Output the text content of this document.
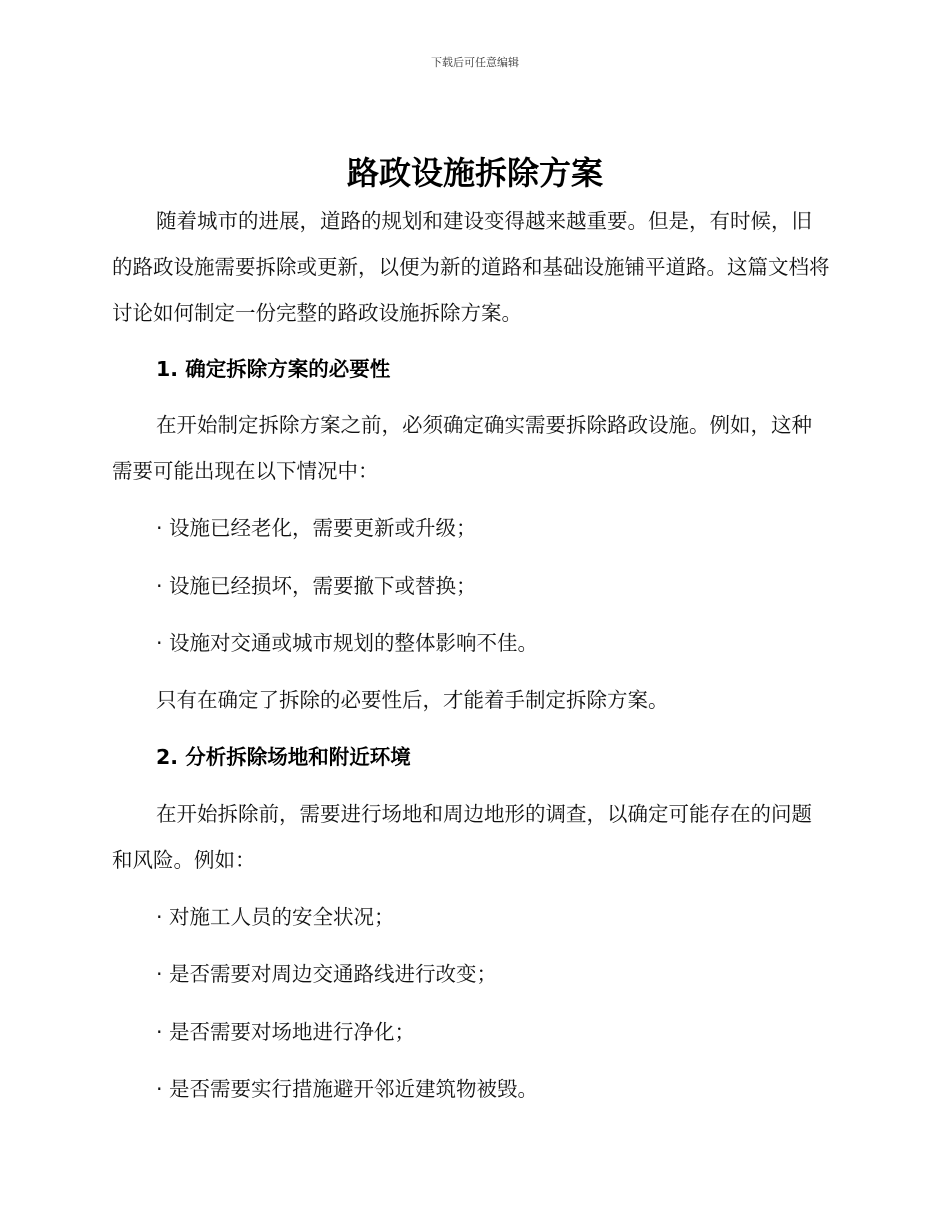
下载后可任意编辑
路政设施拆除方案

随着城市的进展，道路的规划和建设变得越来越重要。但是，有时候，旧的路政设施需要拆除或更新，以便为新的道路和基础设施铺平道路。这篇文档将讨论如何制定一份完整的路政设施拆除方案。

1. 确定拆除方案的必要性

在开始制定拆除方案之前，必须确定确实需要拆除路政设施。例如，这种需要可能出现在以下情况中：

· 设施已经老化，需要更新或升级；
· 设施已经损坏，需要撤下或替换；
· 设施对交通或城市规划的整体影响不佳。
只有在确定了拆除的必要性后，才能着手制定拆除方案。
2. 分析拆除场地和附近环境

在开始拆除前，需要进行场地和周边地形的调查，以确定可能存在的问题和风险。例如：

· 对施工人员的安全状况；
· 是否需要对周边交通路线进行改变；
· 是否需要对场地进行净化；
· 是否需要实行措施避开邻近建筑物被毁。
